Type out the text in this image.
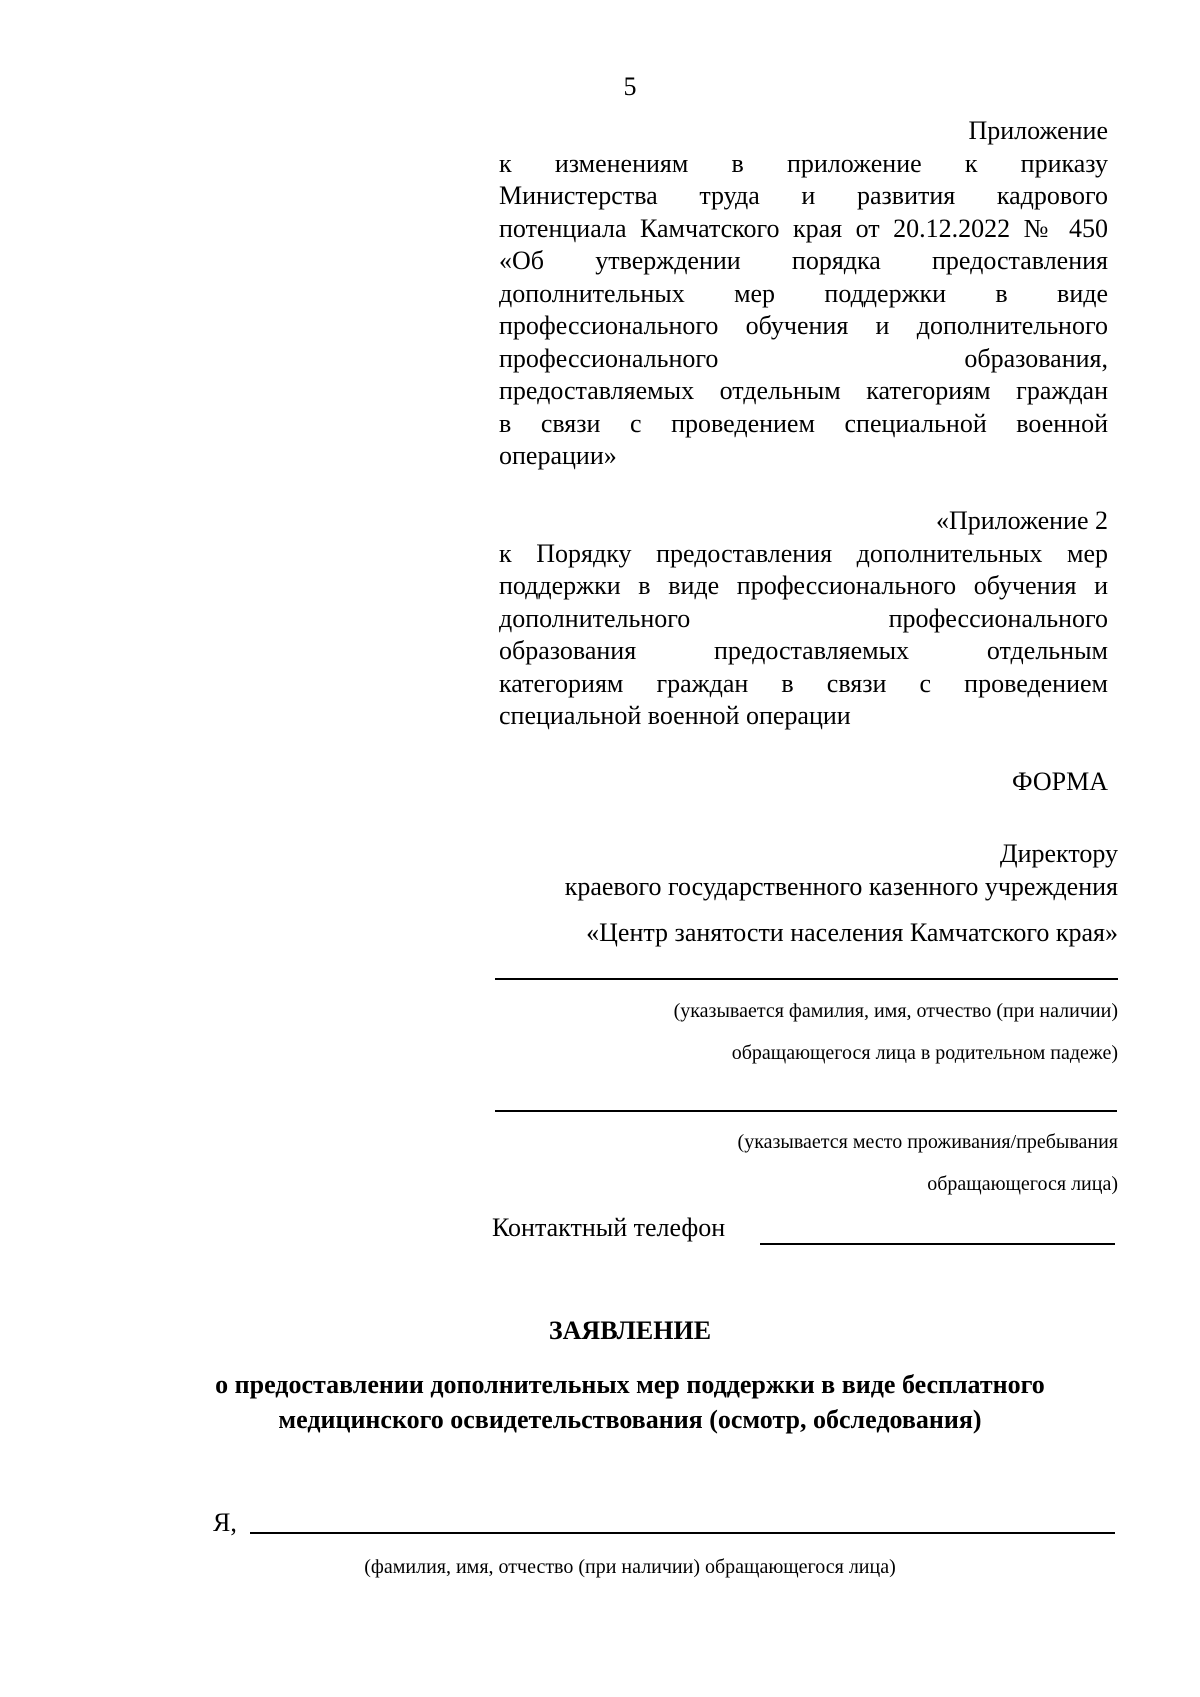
5
Приложение
к изменениям в приложение к приказу
Министерства труда и развития кадрового
потенциала Камчатского края от 20.12.2022 № 450
«Об утверждении порядка предоставления
дополнительных мер поддержки в виде
профессионального обучения и дополнительного
профессионального образования,
предоставляемых отдельным категориям граждан
в связи с проведением специальной военной
операции»
«Приложение 2
к Порядку предоставления дополнительных мер
поддержки в виде профессионального обучения и
дополнительного профессионального
образования предоставляемых отдельным
категориям граждан в связи с проведением
специальной военной операции
ФОРМА
Директору
краевого государственного казенного учреждения
«Центр занятости населения Камчатского края»
(указывается фамилия, имя, отчество (при наличии)
обращающегося лица в родительном падеже)
(указывается место проживания/пребывания
обращающегося лица)
Контактный телефон
ЗАЯВЛЕНИЕ
о предоставлении дополнительных мер поддержки в виде бесплатного
медицинского освидетельствования (осмотр, обследования)
Я,
(фамилия, имя, отчество (при наличии) обращающегося лица)
